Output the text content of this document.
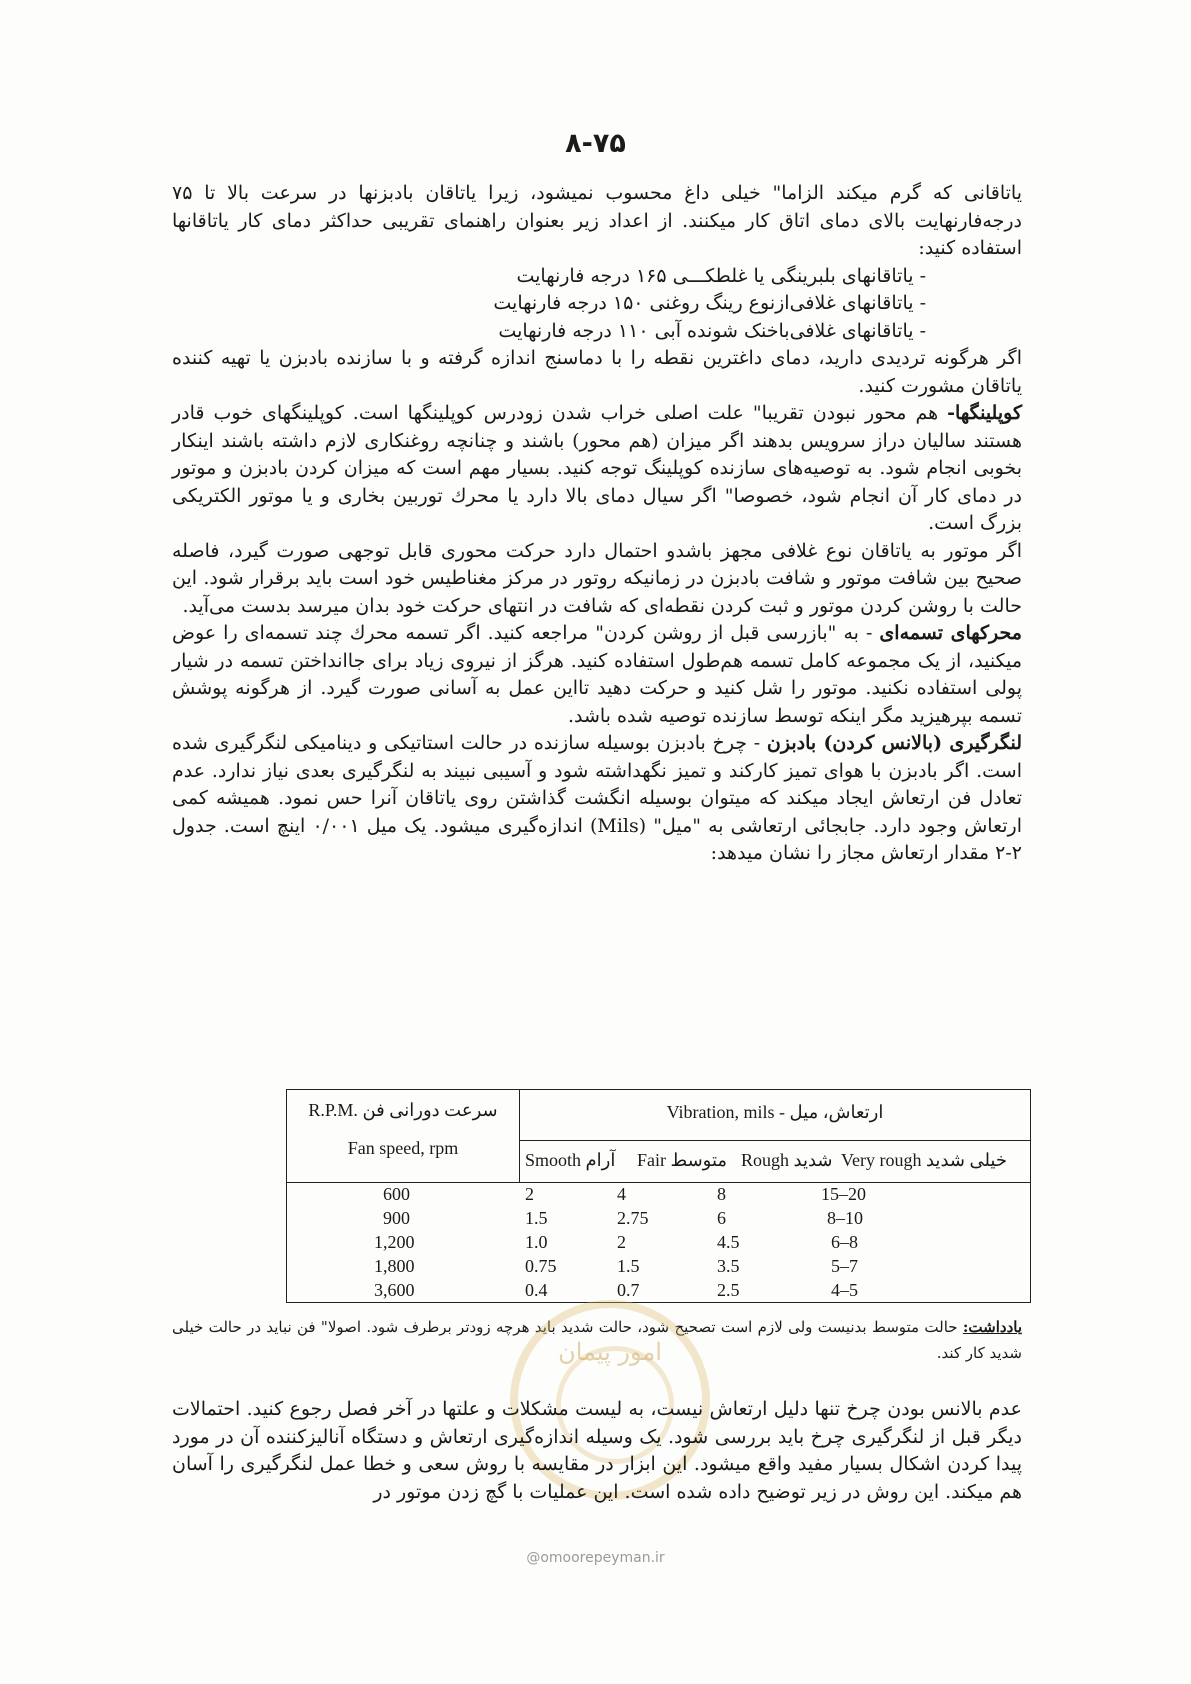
۸-۷۵

یاتاقانی که گرم میکند الزاما" خیلی داغ محسوب نمیشود، زیرا یاتاقان بادبزنها در سرعت بالا تا ۷۵ درجه‌فارنهایت بالای دمای اتاق کار میکنند. از اعداد زیر بعنوان راهنمای تقریبی حداکثر دمای کار یاتاقانها استفاده کنید:

- یاتاقانهای بلبرینگی یا غلطکـــی ۱۶۵ درجه فارنهایت
- یاتاقانهای غلافی‌ازنوع رینگ روغنی ۱۵۰ درجه فارنهایت
- یاتاقانهای غلافی‌باخنک شونده آبی ۱۱۰ درجه فارنهایت

اگر هرگونه تردیدی دارید، دمای داغترین نقطه را با دماسنج اندازه گرفته و با سازنده بادبزن یا تهیه کننده یاتاقان مشورت کنید.

کوپلینگها- هم محور نبودن تقریبا" علت اصلی خراب شدن زودرس کوپلینگها است. کوپلینگهای خوب قادر هستند سالیان دراز سرویس بدهند اگر میزان (هم محور) باشند و چنانچه روغنکاری لازم داشته باشند اینکار بخوبی انجام شود. به توصیه‌های سازنده کوپلینگ توجه کنید. بسیار مهم است که میزان کردن بادبزن و موتور در دمای کار آن انجام شود، خصوصا" اگر سیال دمای بالا دارد یا محرك توربین بخاری و یا موتور الکتریکی بزرگ است.

اگر موتور به یاتاقان نوع غلافی مجهز باشدو احتمال دارد حرکت محوری قابل توجهی صورت گیرد، فاصله صحیح بین شافت موتور و شافت بادبزن در زمانیکه روتور در مرکز مغناطیس خود است باید برقرار شود. این حالت با روشن کردن موتور و ثبت کردن نقطه‌ای که شافت در انتهای حرکت خود بدان میرسد بدست می‌آید.

محرکهای تسمه‌ای - به "بازرسی قبل از روشن کردن" مراجعه کنید. اگر تسمه محرك چند تسمه‌ای را عوض میکنید، از یک مجموعه کامل تسمه هم‌طول استفاده کنید. هرگز از نیروی زیاد برای جاانداختن تسمه در شیار پولی استفاده نکنید. موتور را شل کنید و حرکت دهید تااین عمل به آسانی صورت گیرد. از هرگونه پوشش تسمه بپرهیزید مگر اینکه توسط سازنده توصیه شده باشد.

لنگرگیری (بالانس کردن) بادبزن - چرخ بادبزن بوسیله سازنده در حالت استاتیکی و دینامیکی لنگرگیری شده است. اگر بادبزن با هوای تمیز کارکند و تمیز نگهداشته شود و آسیبی نبیند به لنگرگیری بعدی نیاز ندارد. عدم تعادل فن ارتعاش ایجاد میکند که میتوان بوسیله انگشت گذاشتن روی یاتاقان آنرا حس نمود. همیشه کمی ارتعاش وجود دارد. جابجائی ارتعاشی به "میل" (Mils) اندازه‌گیری میشود. یک میل ۰/۰۰۱ اینچ است. جدول ۲-۲ مقدار ارتعاش مجاز را نشان میدهد:

R.P.M. سرعت دورانی فن
Fan speed, rpm
Vibration, mils - ارتعاش، میل
Smooth آرام Fair متوسط Rough شدید Very rough خیلی شدید
600	2	4	8	15–20
900	1.5	2.75	6	8–10
1,200	1.0	2	4.5	6–8
1,800	0.75	1.5	3.5	5–7
3,600	0.4	0.7	2.5	4–5
یادداشت: حالت متوسط بدنیست ولی لازم است تصحیح شود، حالت شدید باید هرچه زودتر برطرف شود. اصولا" فن نباید در حالت خیلی شدید کار کند.
امور پیمان

عدم بالانس بودن چرخ تنها دلیل ارتعاش نیست، به لیست مشکلات و علتها در آخر فصل رجوع کنید. احتمالات دیگر قبل از لنگرگیری چرخ باید بررسی شود. یک وسیله اندازه‌گیری ارتعاش و دستگاه آنالیزکننده آن در مورد پیدا کردن اشکال بسیار مفید واقع میشود. این ابزار در مقایسه با روش سعی و خطا عمل لنگرگیری را آسان هم میکند. این روش در زیر توضیح داده شده است. این عملیات با گچ زدن موتور در

@omoorepeyman.ir
